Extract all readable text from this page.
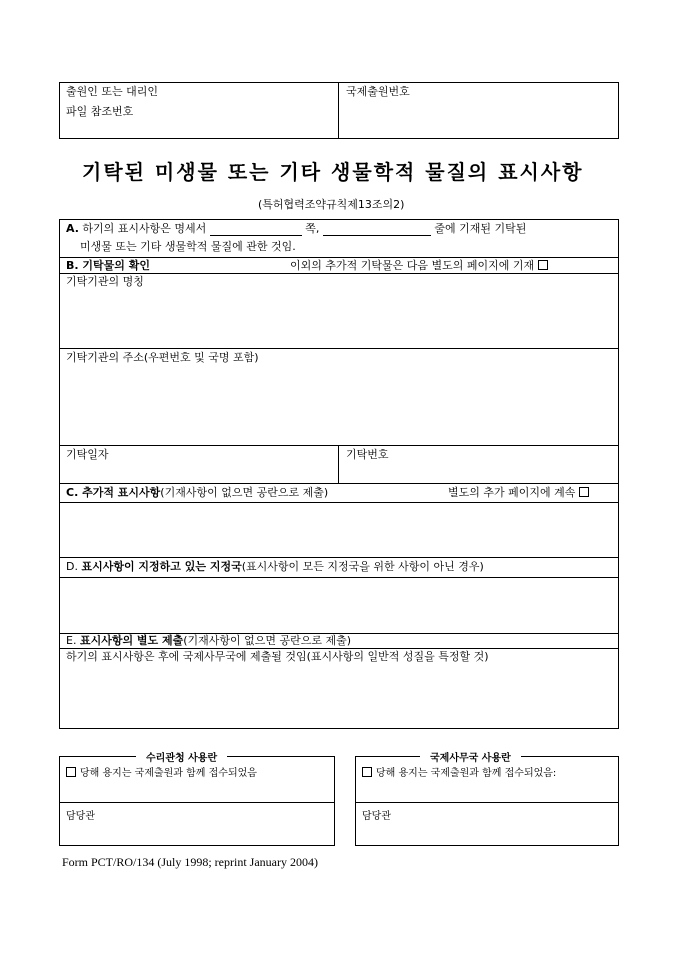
출원인 또는 대리인
파일 참조번호
국제출원번호
기탁된 미생물 또는 기타 생물학적 물질의 표시사항
(특허협력조약규칙제13조의2)
A. 하기의 표시사항은 명세서	쪽,	줄에 기재된 기탁된
미생물 또는 기타 생물학적 물질에 관한 것임.
B. 기탁물의 확인	이외의 추가적 기탁물은 다음 별도의 페이지에 기재
기탁기관의 명칭
기탁기관의 주소(우편번호 및 국명 포함)
기탁일자	기탁번호
C. 추가적 표시사항(기재사항이 없으면 공란으로 제출)	별도의 추가 페이지에 계속
D. 표시사항이 지정하고 있는 지정국(표시사항이 모든 지정국을 위한 사항이 아닌 경우)
E. 표시사항의 별도 제출(기재사항이 없으면 공란으로 제출)
하기의 표시사항은 후에 국제사무국에 제출될 것임(표시사항의 일반적 성질을 특정할 것)
수리관청 사용란
당해 용지는 국제출원과 함께 접수되었음
담당관
국제사무국 사용란
당해 용지는 국제출원과 함께 접수되었음:
담당관
Form PCT/RO/134 (July 1998; reprint January 2004)
